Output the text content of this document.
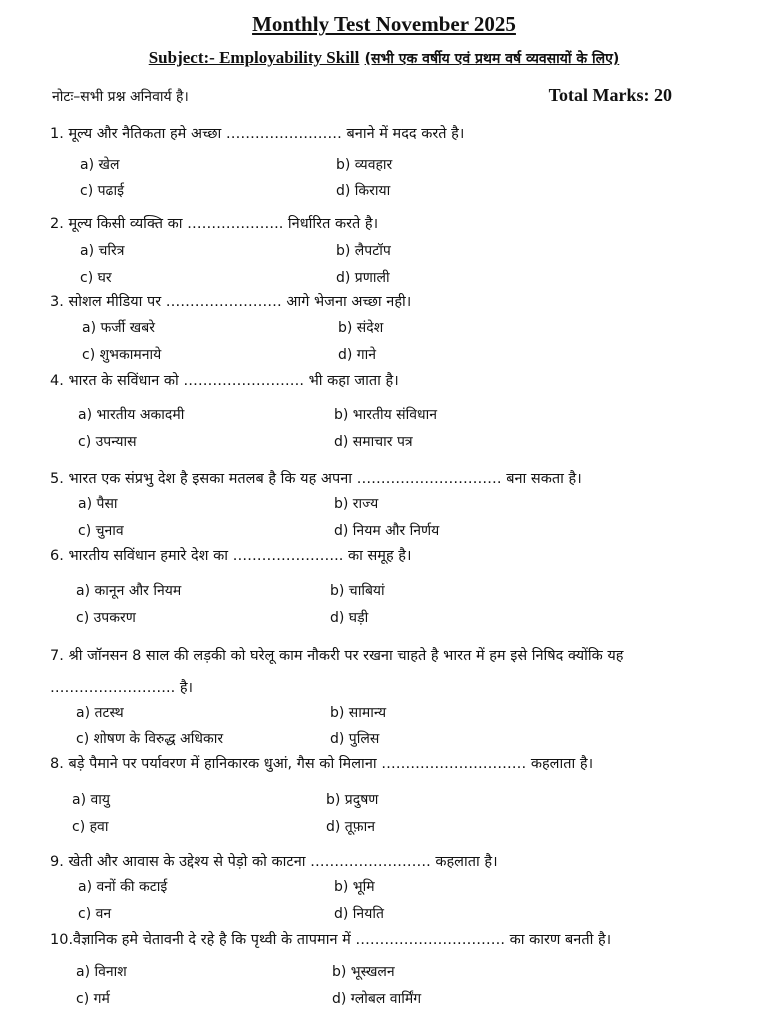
Monthly Test November 2025
Subject:- Employability Skill (सभी एक वर्षीय एवं प्रथम वर्ष व्यवसायों के लिए)
नोटः–सभी प्रश्न अनिवार्य है।	Total Marks: 20
1. मूल्य और नैतिकता हमे अच्छा …………………… बनाने में मदद करते है।
a) खेल	b) व्यवहार
c) पढाई	d) किराया
2. मूल्य किसी व्यक्ति का ……………….. निर्धारित करते है।
a) चरित्र	b) लैपटॉप
c) घर	d) प्रणाली
3. सोशल मीडिया पर …………………… आगे भेजना अच्छा नही।
a) फर्जी खबरे	b) संदेश
c) शुभकामनाये	d) गाने
4. भारत के सविंधान को ……………………. भी कहा जाता है।
a) भारतीय अकादमी	b) भारतीय संविधान
c) उपन्यास	d) समाचार पत्र
5. भारत एक संप्रभु देश है इसका मतलब है कि यह अपना ………………………… बना सकता है।
a) पैसा	b) राज्य
c) चुनाव	d) नियम और निर्णय
6. भारतीय सविंधान हमारे देश का ………………….. का समूह है।
a) कानून और नियम	b) चाबियां
c) उपकरण	d) घड़ी
7. श्री जॉनसन 8 साल की लड़की को घरेलू काम नौकरी पर रखना चाहते है भारत में हम इसे निषिद क्योंकि यह …………………….. है।
a) तटस्थ	b) सामान्य
c) शोषण के विरुद्ध अधिकार	d) पुलिस
8. बड़े पैमाने पर पर्यावरण में हानिकारक धुआं, गैस को मिलाना ………………………… कहलाता है।
a) वायु	b) प्रदुषण
c) हवा	d) तूफ़ान
9. खेती और आवास के उद्देश्य से पेड़ो को काटना ……………………. कहलाता है।
a) वनों की कटाई	b) भूमि
c) वन	d) नियति
10.वैज्ञानिक हमे चेतावनी दे रहे है कि पृथ्वी के तापमान में …………………………. का कारण बनती है।
a) विनाश	b) भूस्खलन
c) गर्म	d) ग्लोबल वार्मिंग
